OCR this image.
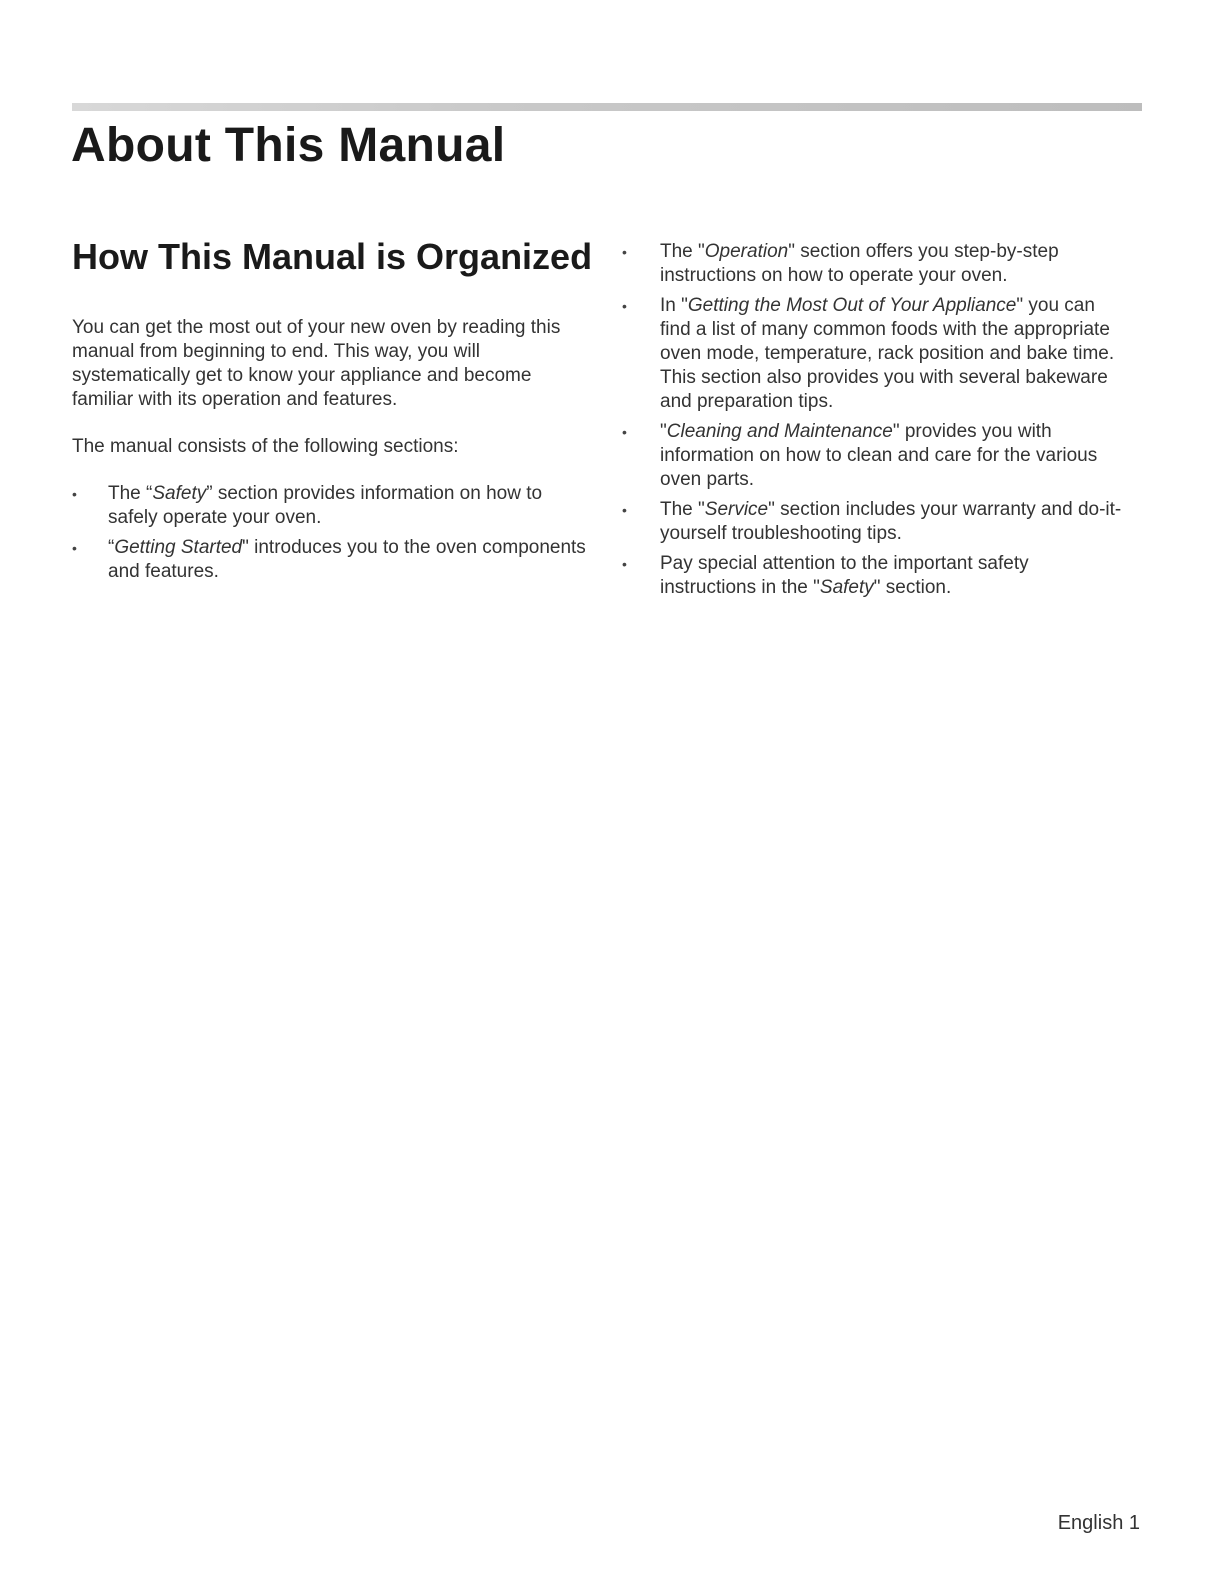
About This Manual
How This Manual is Organized

You can get the most out of your new oven by reading this manual from beginning to end. This way, you will systematically get to know your appliance and become familiar with its operation and features.

The manual consists of the following sections:

• The “Safety” section provides information on how to safely operate your oven.
• “Getting Started" introduces you to the oven components and features.
• The "Operation" section offers you step-by-step instructions on how to operate your oven.
• In "Getting the Most Out of Your Appliance" you can find a list of many common foods with the appropriate oven mode, temperature, rack position and bake time. This section also provides you with several bakeware and preparation tips.
• "Cleaning and Maintenance" provides you with information on how to clean and care for the various oven parts.
• The "Service" section includes your warranty and do-it-yourself troubleshooting tips.
• Pay special attention to the important safety instructions in the "Safety" section.
English 1
